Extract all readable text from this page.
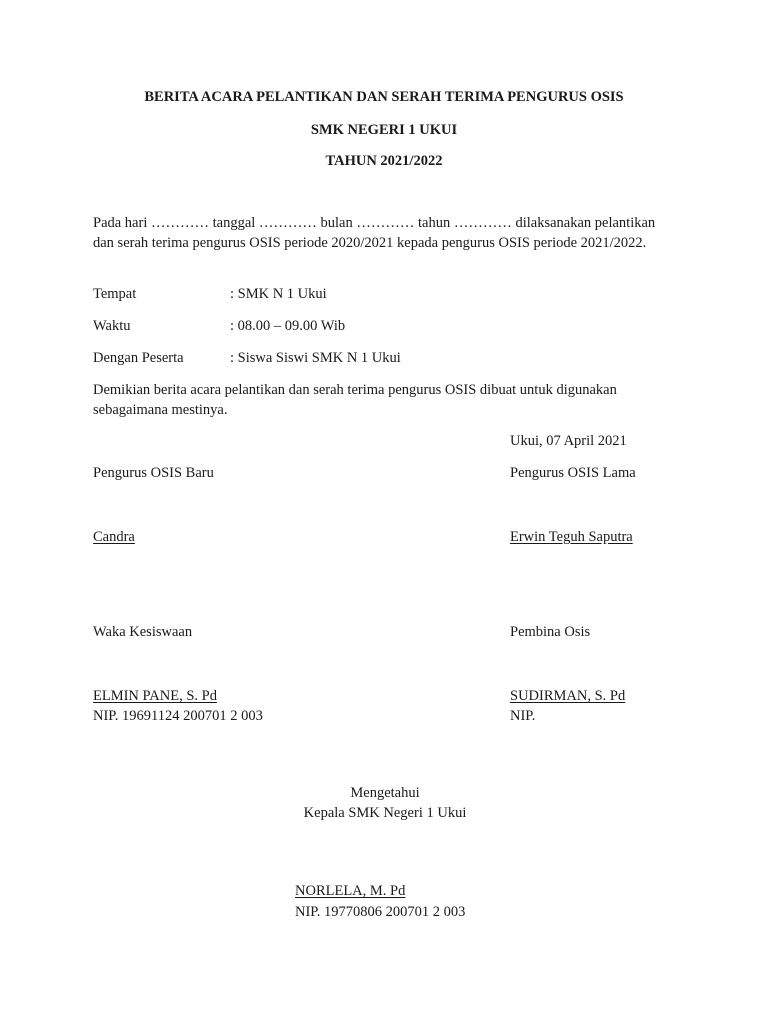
BERITA ACARA PELANTIKAN DAN SERAH TERIMA PENGURUS OSIS
SMK NEGERI 1 UKUI
TAHUN 2021/2022
Pada hari ………… tanggal ………… bulan ………… tahun ………… dilaksanakan pelantikan dan serah terima pengurus OSIS periode 2020/2021 kepada pengurus OSIS periode 2021/2022.
Tempat	: SMK N 1 Ukui
Waktu	: 08.00 – 09.00 Wib
Dengan Peserta	: Siswa Siswi SMK N 1 Ukui
Demikian berita acara pelantikan dan serah terima pengurus OSIS dibuat untuk digunakan sebagaimana mestinya.
Ukui, 07 April 2021
Pengurus OSIS Baru	Pengurus OSIS Lama
Candra	Erwin Teguh Saputra
Waka Kesiswaan	Pembina Osis
ELMIN PANE, S. Pd	SUDIRMAN, S. Pd
NIP. 19691124 200701 2 003	NIP.
Mengetahui
Kepala SMK Negeri 1 Ukui
NORLELA, M. Pd
NIP. 19770806 200701 2 003
